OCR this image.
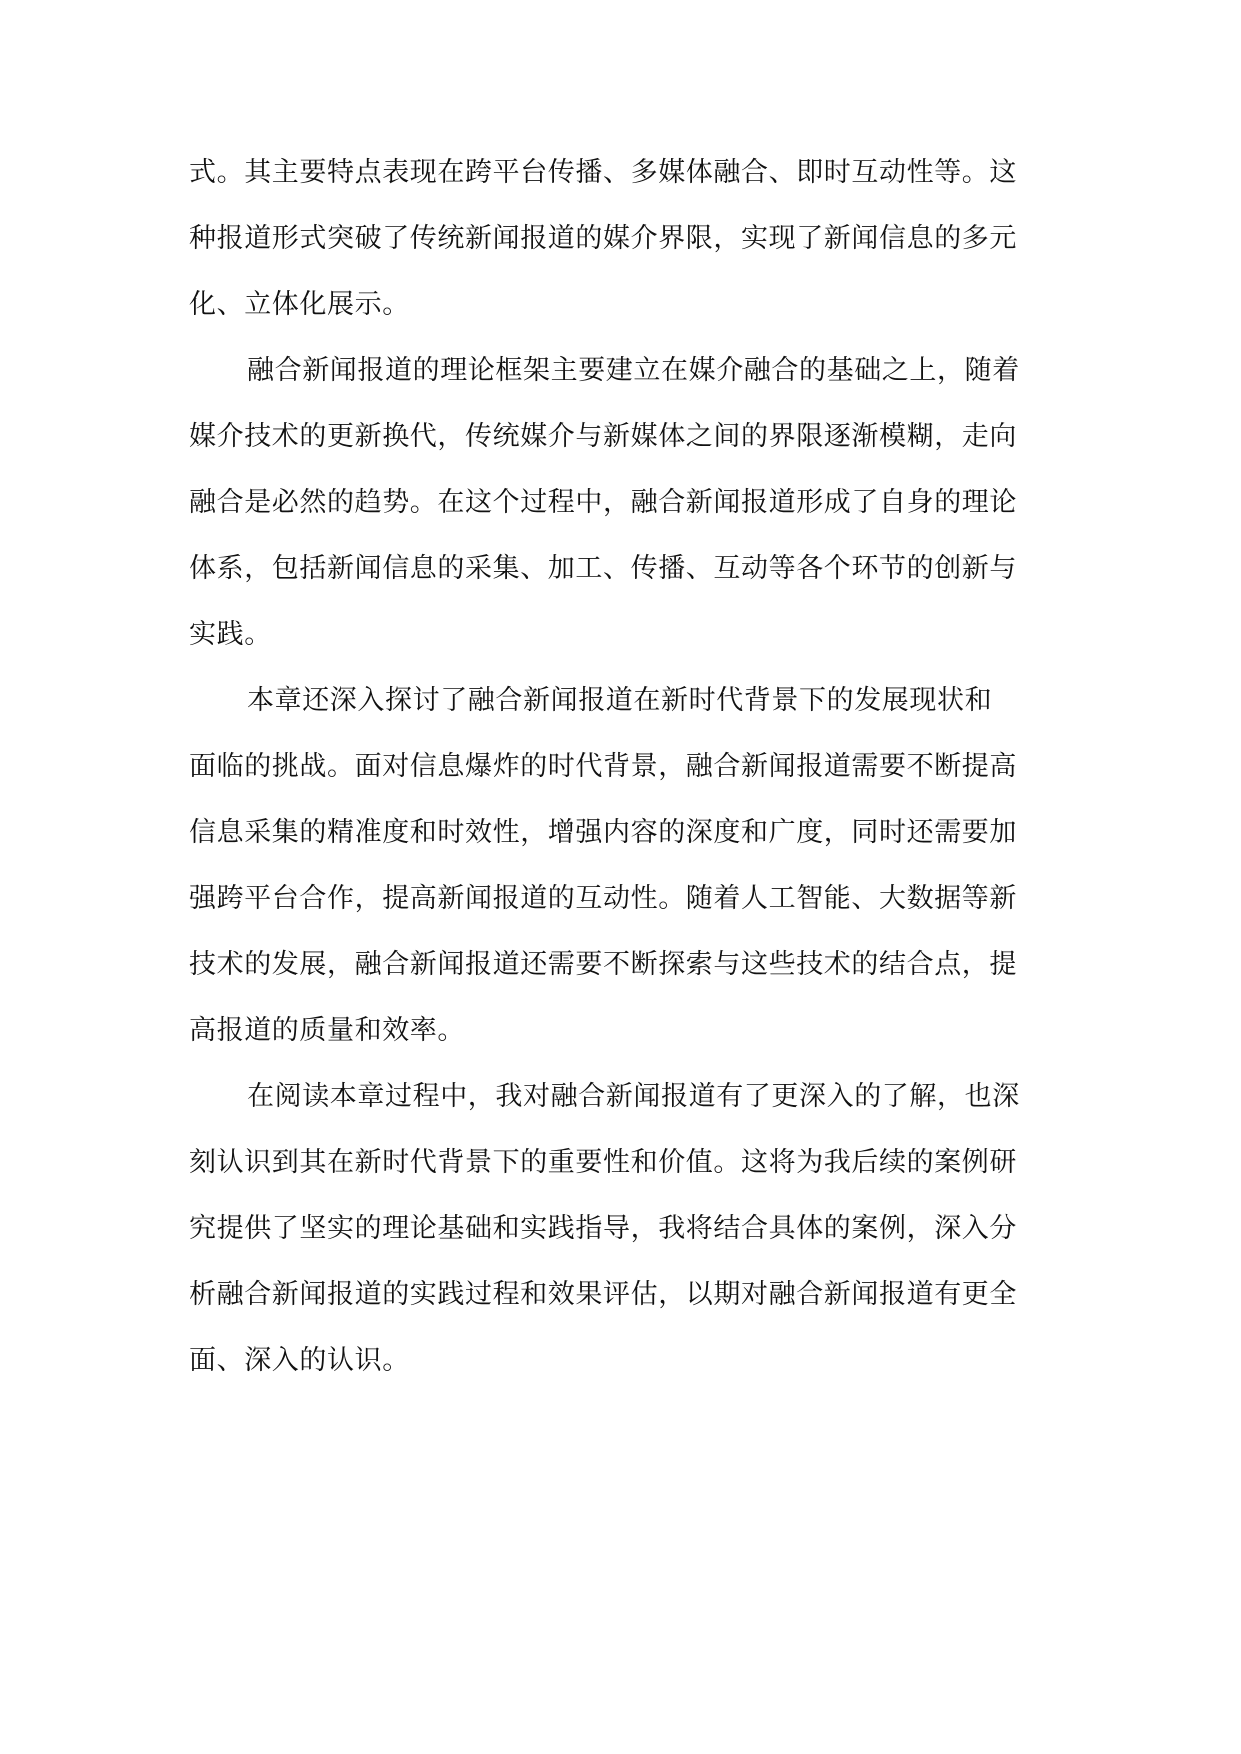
式。其主要特点表现在跨平台传播、多媒体融合、即时互动性等。这
种报道形式突破了传统新闻报道的媒介界限，实现了新闻信息的多元
化、立体化展示。
融合新闻报道的理论框架主要建立在媒介融合的基础之上，随着
媒介技术的更新换代，传统媒介与新媒体之间的界限逐渐模糊，走向
融合是必然的趋势。在这个过程中，融合新闻报道形成了自身的理论
体系，包括新闻信息的采集、加工、传播、互动等各个环节的创新与
实践。
本章还深入探讨了融合新闻报道在新时代背景下的发展现状和
面临的挑战。面对信息爆炸的时代背景，融合新闻报道需要不断提高
信息采集的精准度和时效性，增强内容的深度和广度，同时还需要加
强跨平台合作，提高新闻报道的互动性。随着人工智能、大数据等新
技术的发展，融合新闻报道还需要不断探索与这些技术的结合点，提
高报道的质量和效率。
在阅读本章过程中，我对融合新闻报道有了更深入的了解，也深
刻认识到其在新时代背景下的重要性和价值。这将为我后续的案例研
究提供了坚实的理论基础和实践指导，我将结合具体的案例，深入分
析融合新闻报道的实践过程和效果评估，以期对融合新闻报道有更全
面、深入的认识。
